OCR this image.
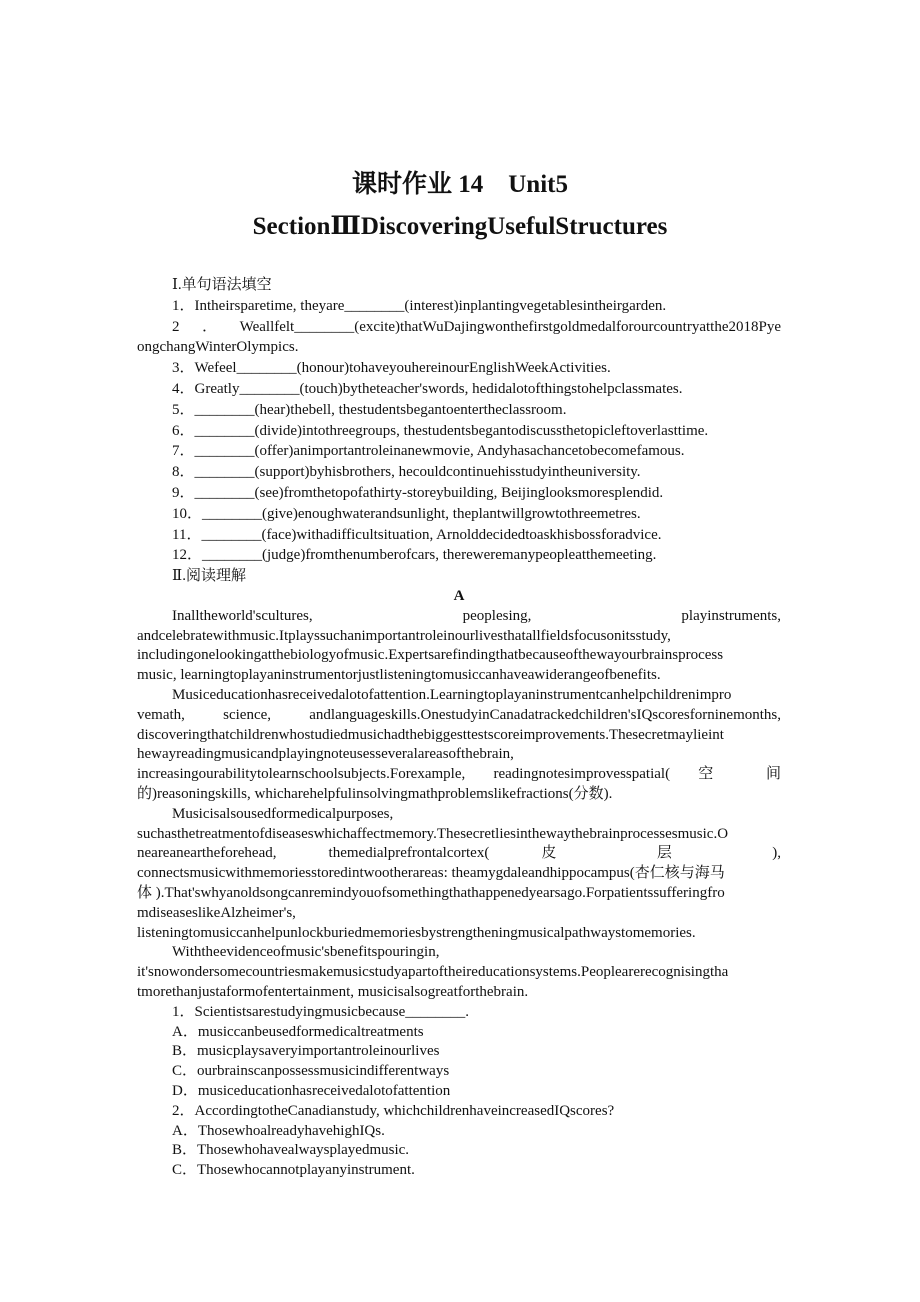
课时作业 14    Unit5
SectionⅢDiscoveringUsefulStructures
Ⅰ.单句语法填空
1．Intheirsparetime, theyare________(interest)inplantingvegetablesintheirgarden.
2．Weallfelt________(excite)thatWuDajingwonthefirstgoldmedalforourcountryatthe2018Pye
ongchangWinterOlympics.
3．Wefeel________(honour)tohaveyouhereinourEnglishWeekActivities.
4．Greatly________(touch)bytheteacher'swords, hedidalotofthingstohelpclassmates.
5．________(hear)thebell, thestudentsbegantoentertheclassroom.
6．________(divide)intothreegroups, thestudentsbegantodiscussthetopicleftoverlasttime.
7．________(offer)animportantroleinanewmovie, Andyhasachancetobecomefamous.
8．________(support)byhisbrothers, hecouldcontinuehisstudyintheuniversity.
9．________(see)fromthetopofathirty-storeybuilding, Beijinglooksmoresplendid.
10．________(give)enoughwaterandsunlight, theplantwillgrowtothreemetres.
11．________(face)withadifficultsituation, Arnolddecidedtoaskhisbossforadvice.
12．________(judge)fromthenumberofcars, thereweremanypeopleatthemeeting.
Ⅱ.阅读理解
A
Inalltheworld'scultures, peoplesing, playinstruments,
andcelebratewithmusic.Itplayssuchanimportantroleinourlivesthatallfieldsfocusonitsstudy,
includingonelookingatthebiologyofmusic.Expertsarefindingthatbecauseofthewayourbrainsprocess
music, learningtoplayaninstrumentorjustlisteningtomusiccanhaveawiderangeofbenefits.
Musiceducationhasreceivedalotofattention.Learningtoplayaninstrumentcanhelpchildrenimpro
vemath, science, andlanguageskills.OnestudyinCanadatrackedchildren'sIQscoresforninemonths,
discoveringthatchildrenwhostudiedmusichadthebiggesttestscoreimprovements.Thesecretmaylieint
hewayreadingmusicandplayingnoteusesseveralareasofthebrain,
increasingourabilitytolearnschoolsubjects.Forexample, readingnotesimprovesspatial( 空 间
的)reasoningskills, whicharehelpfulinsolvingmathproblemslikefractions(分数).
Musicisalsousedformedicalpurposes,
suchasthetreatmentofdiseaseswhichaffectmemory.Thesecretliesinthewaythebrainprocessesmusic.O
neareaneartheforehead, themedialprefrontalcortex( 皮 层 ),
connectsmusicwithmemoriesstoredintwootherareas: theamygdaleandhippocampus(杏仁核与海马
体 ).That'swhyanoldsongcanremindyouofsomethingthathappenedyearsago.Forpatientssufferingfro
mdiseaseslikeAlzheimer's,
listeningtomusiccanhelpunlockburiedmemoriesbystrengtheningmusicalpathwaystomemories.
Withtheevidenceofmusic'sbenefitspouringin,
it'snowondersomecountriesmakemusicstudyapartoftheireducationsystems.Peoplearerecognisingtha
tmorethanjustaformofentertainment, musicisalsogreatforthebrain.
1．Scientistsarestudyingmusicbecause________.
A．musiccanbeusedformedicaltreatments
B．musicplaysaveryimportantroleinourlives
C．ourbrainscanpossessmusicindifferentways
D．musiceducationhasreceivedalotofattention
2．AccordingtotheCanadianstudy, whichchildrenhaveincreasedIQscores?
A．ThosewhoalreadyhavehighIQs.
B．Thosewhohavealwaysplayedmusic.
C．Thosewhocannotplayanyinstrument.
